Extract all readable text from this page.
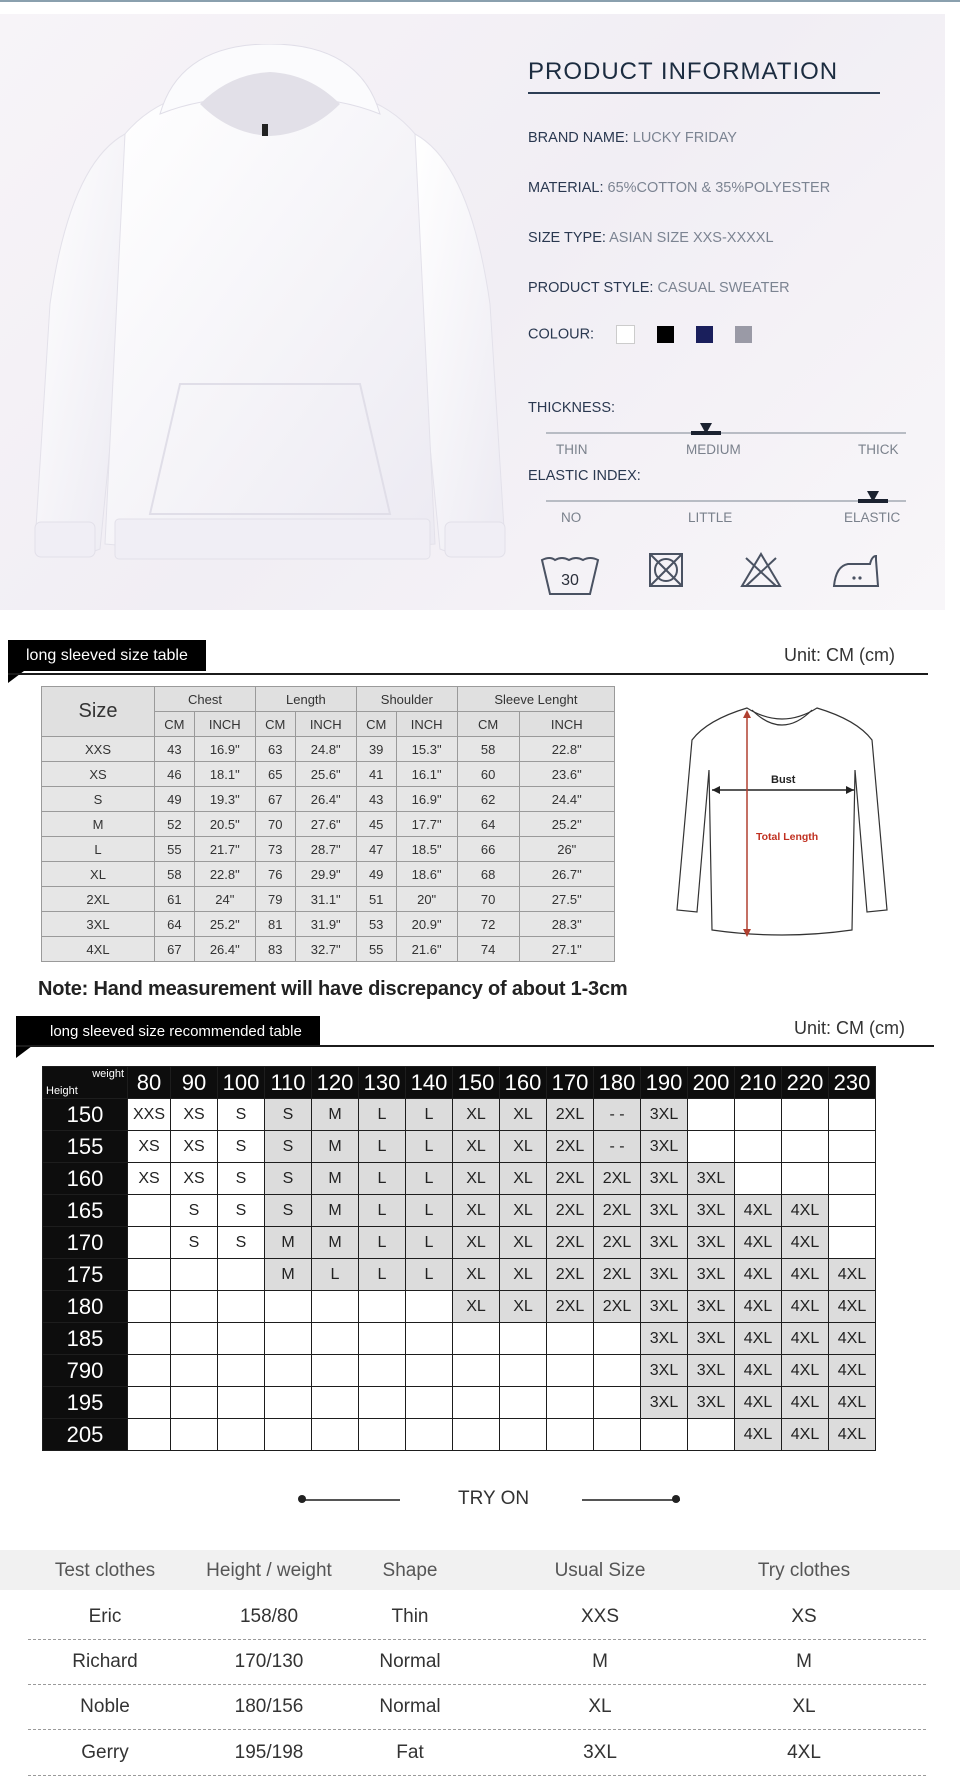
PRODUCT INFORMATION
BRAND NAME: LUCKY FRIDAY
MATERIAL: 65%COTTON & 35%POLYESTER
SIZE TYPE: ASIAN SIZE XXS-XXXXL
PRODUCT STYLE: CASUAL SWEATER
COLOUR:
THICKNESS:
THIN	MEDIUM	THICK
ELASTIC INDEX:
NO	LITTLE	ELASTIC
30
long sleeved size table	Unit: CM (cm)
Size	Chest		Length		Shoulder		Sleeve Lenght	
	CM	INCH	CM	INCH	CM	INCH	CM	INCH
XXS	43	16.9"	63	24.8"	39	15.3"	58	22.8"
XS	46	18.1"	65	25.6"	41	16.1"	60	23.6"
S	49	19.3"	67	26.4"	43	16.9"	62	24.4"
M	52	20.5"	70	27.6"	45	17.7"	64	25.2"
L	55	21.7"	73	28.7"	47	18.5"	66	26"
XL	58	22.8"	76	29.9"	49	18.6"	68	26.7"
2XL	61	24"	79	31.1"	51	20"	70	27.5"
3XL	64	25.2"	81	31.9"	53	20.9"	72	28.3"
4XL	67	26.4"	83	32.7"	55	21.6"	74	27.1"
Bust
Total Length
Note: Hand measurement will have discrepancy of about 1-3cm
long sleeved size recommended table	Unit: CM (cm)
weight
Height	80	90	100	110	120	130	140	150	160	170	180	190	200	210	220	230
150	XXS	XS	S	S	M	L	L	XL	XL	2XL	- -	3XL				
155	XS	XS	S	S	M	L	L	XL	XL	2XL	- -	3XL				
160	XS	XS	S	S	M	L	L	XL	XL	2XL	2XL	3XL	3XL			
165		S	S	S	M	L	L	XL	XL	2XL	2XL	3XL	3XL	4XL	4XL	
170		S	S	M	M	L	L	XL	XL	2XL	2XL	3XL	3XL	4XL	4XL	
175				M	L	L	L	XL	XL	2XL	2XL	3XL	3XL	4XL	4XL	4XL
180								XL	XL	2XL	2XL	3XL	3XL	4XL	4XL	4XL
185												3XL	3XL	4XL	4XL	4XL
790												3XL	3XL	4XL	4XL	4XL
195												3XL	3XL	4XL	4XL	4XL
205														4XL	4XL	4XL
TRY ON
Test clothes	Height / weight	Shape	Usual Size	Try clothes
Eric	158/80	Thin	XXS	XS
Richard	170/130	Normal	M	M
Noble	180/156	Normal	XL	XL
Gerry	195/198	Fat	3XL	4XL
